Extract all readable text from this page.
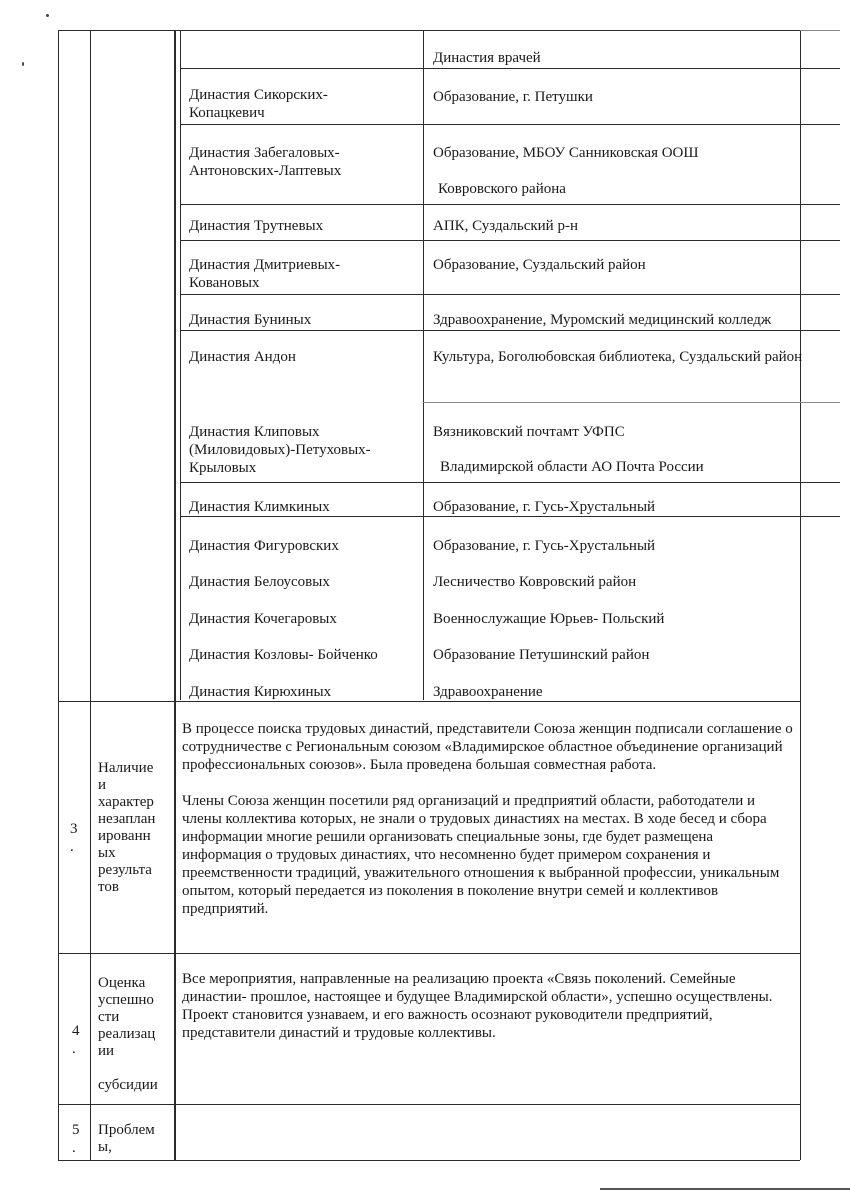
Династия Сикорских-
Копацкевич
Династия Забегаловых-
Антоновских-Лаптевых
Династия Трутневых
Династия Дмитриевых-
Ковановых
Династия Буниных
Династия Андон
Династия Клиповых
(Миловидовых)-Петуховых-
Крыловых
Династия Климкиных
Династия Фигуровских
Династия Белоусовых
Династия Кочегаровых
Династия Козловы- Бойченко
Династия Кирюхиных
Династия врачей
Образование, г. Петушки
Образование, МБОУ Санниковская ООШ
Ковровского района
АПК, Суздальский р-н
Образование, Суздальский район
Здравоохранение, Муромский медицинский колледж
Культура, Боголюбовская библиотека, Суздальский район
Вязниковский почтамт УФПС
Владимирской области АО Почта России
Образование, г. Гусь-Хрустальный
Образование, г. Гусь-Хрустальный
Лесничество Ковровский район
Военнослужащие Юрьев- Польский
Образование Петушинский район
Здравоохранение
3
.
Наличие
и
характер
незаплан
ированн
ых
результа
тов

В процессе поиска трудовых династий, представители Союза женщин подписали соглашение о сотрудничестве с Региональным союзом «Владимирское областное объединение организаций профессиональных союзов». Была проведена большая совместная работа.

Члены Союза женщин посетили ряд организаций и предприятий области, работодатели и члены коллектива которых, не знали о трудовых династиях на местах. В ходе бесед и сбора информации многие решили организовать специальные зоны, где будет размещена информация о трудовых династиях, что несомненно будет примером сохранения и преемственности традиций, уважительного отношения к выбранной профессии, уникальным опытом, который передается из поколения в поколение внутри семей и коллективов предприятий.

4
.
Оценка
успешно
сти
реализац
ии

субсидии

Все мероприятия, направленные на реализацию проекта «Связь поколений. Семейные династии- прошлое, настоящее и будущее Владимирской области», успешно осуществлены. Проект становится узнаваем, и его важность осознают руководители предприятий, представители династий и трудовые коллективы.

5
.
Проблем
ы,
